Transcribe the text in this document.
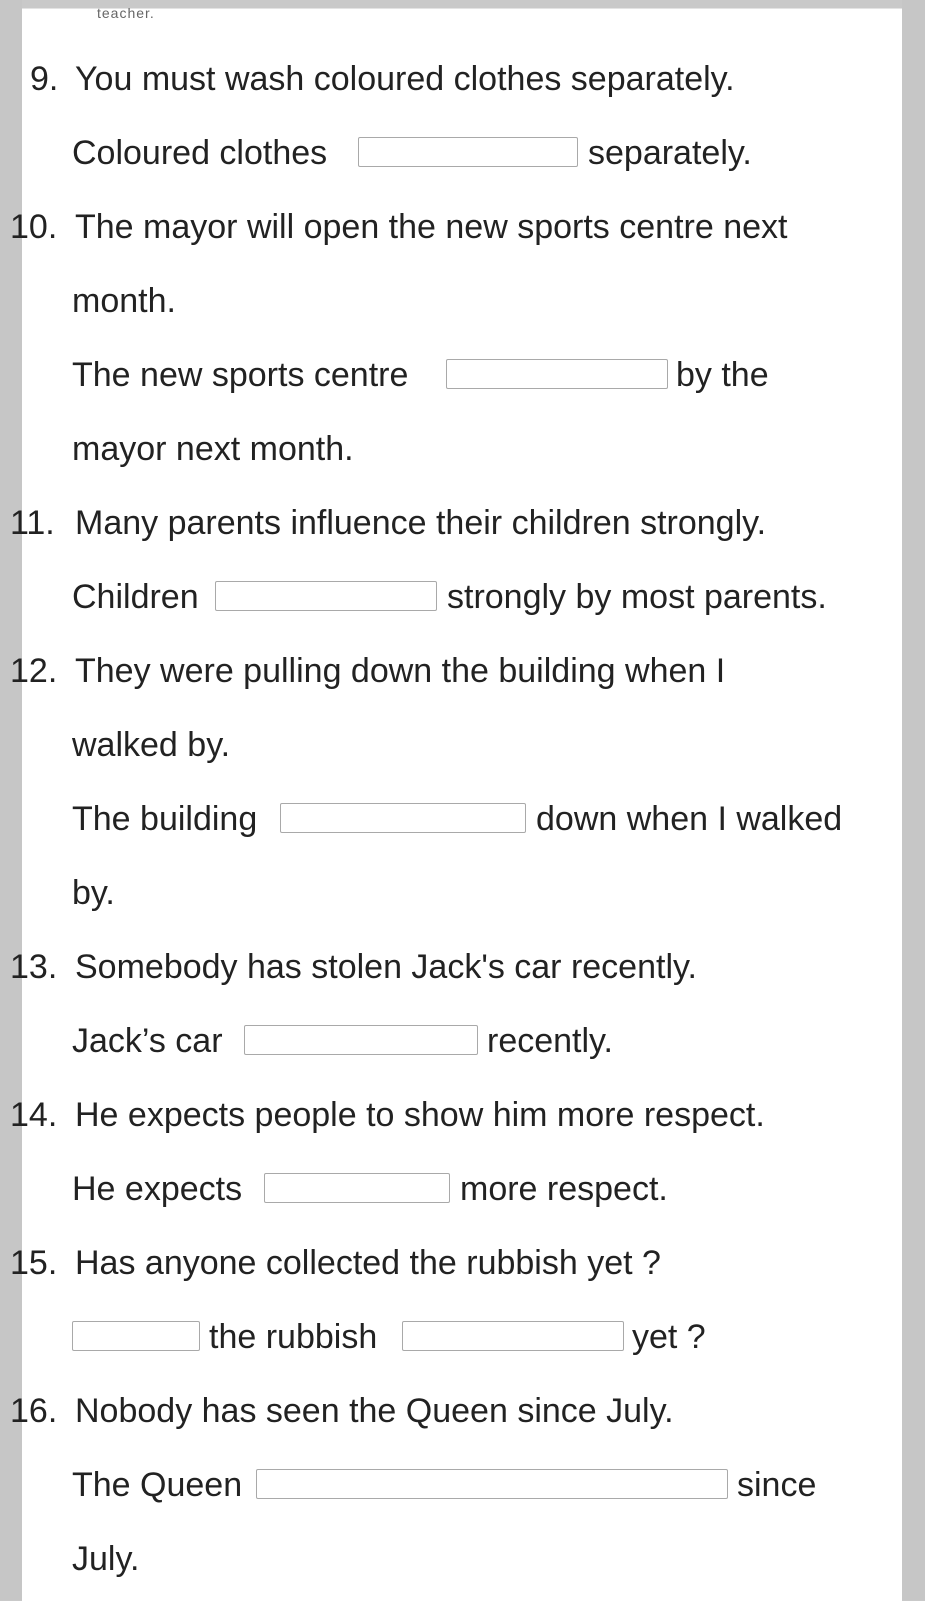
teacher.
9. You must wash coloured clothes separately.
Coloured clothes	separately.
10. The mayor will open the new sports centre next
month.
The new sports centre	by the
mayor next month.
11. Many parents influence their children strongly.
Children	strongly by most parents.
12. They were pulling down the building when I
walked by.
The building	down when I walked
by.
13. Somebody has stolen Jack's car recently.
Jack’s car	recently.
14. He expects people to show him more respect.
He expects	more respect.
15. Has anyone collected the rubbish yet ?
the rubbish	yet ?
16. Nobody has seen the Queen since July.
The Queen	since
July.
